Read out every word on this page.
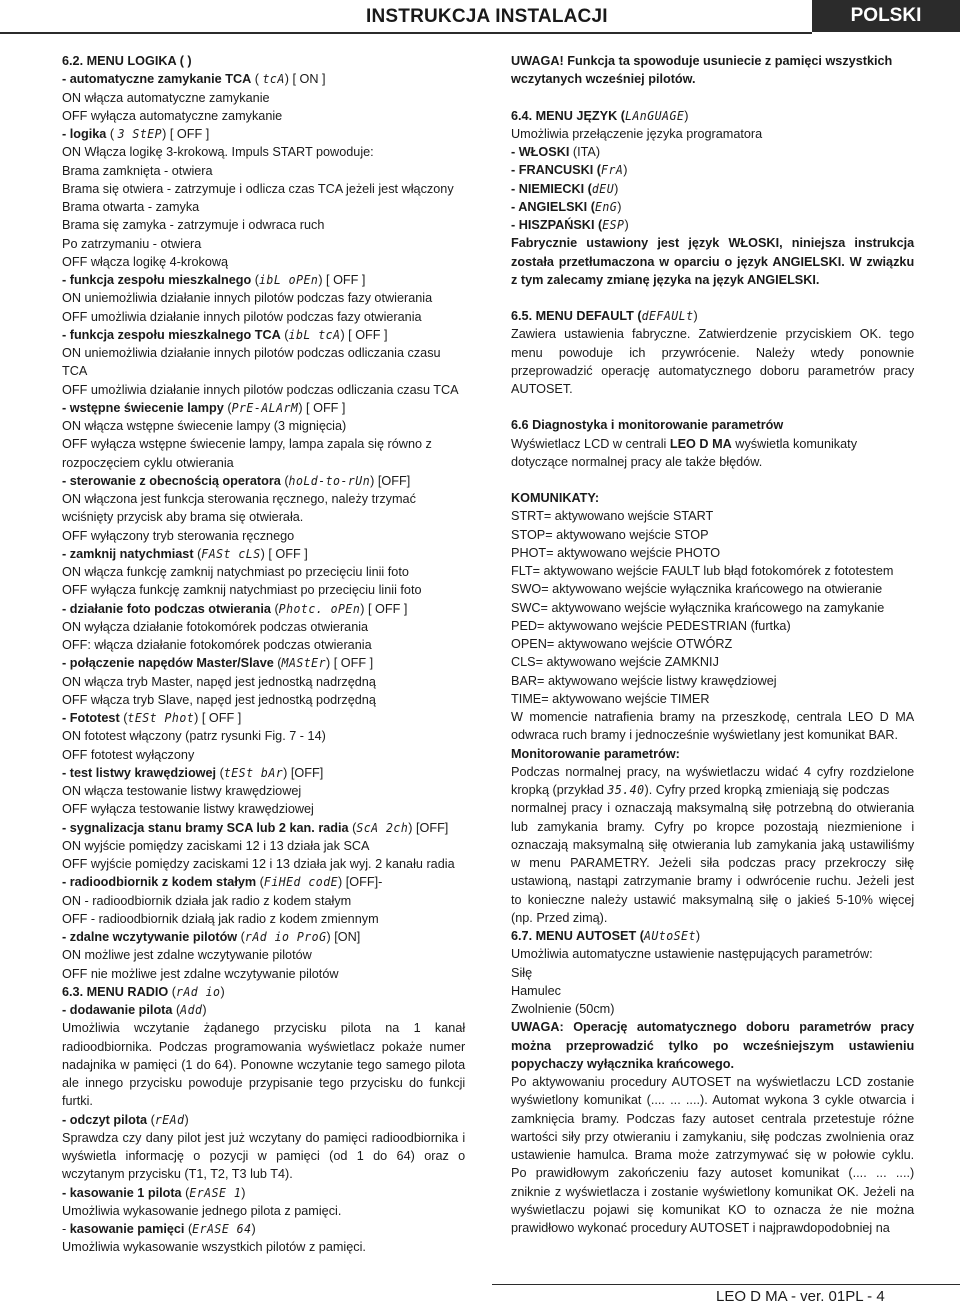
INSTRUKCJA INSTALACJI	POLSKI
6.2. MENU LOGIKA ( )
- automatyczne zamykanie TCA ( tcA) [ ON ]
ON włącza automatyczne zamykanie
OFF wyłącza automatyczne zamykanie
- logika ( 3 StEP) [ OFF ]
ON Włącza logikę 3-krokową. Impuls START powoduje:
Brama zamknięta - otwiera
Brama się otwiera - zatrzymuje i odlicza czas TCA jeżeli jest włączony
Brama otwarta - zamyka
Brama się zamyka - zatrzymuje i odwraca ruch
Po zatrzymaniu - otwiera
OFF włącza logikę 4-krokową
- funkcja zespołu mieszkalnego (ibL oPEn) [ OFF ]
ON uniemożliwia działanie innych pilotów podczas fazy otwierania
OFF umożliwia działanie innych pilotów podczas fazy otwierania
- funkcja zespołu mieszkalnego TCA (ibL tcA) [ OFF ]
ON uniemożliwia działanie innych pilotów podczas odliczania czasu
TCA
OFF umożliwia działanie innych pilotów podczas odliczania czasu TCA
- wstępne świecenie lampy (PrE-ALArM) [ OFF ]
ON włącza wstępne świecenie lampy (3 mignięcia)
OFF wyłącza wstępne świecenie lampy, lampa zapala się równo z
rozpoczęciem cyklu otwierania
- sterowanie z obecnością operatora (hoLd-to-rUn) [OFF]
ON włączona jest funkcja sterowania ręcznego, należy trzymać
wciśnięty przycisk aby brama się otwierała.
OFF wyłączony tryb sterowania ręcznego
- zamknij natychmiast (FASt cLS) [ OFF ]
ON włącza funkcję zamknij natychmiast po przecięciu linii foto
OFF wyłącza funkcję zamknij natychmiast po przecięciu linii foto
- działanie foto podczas otwierania (Photc. oPEn) [ OFF ]
ON wyłącza działanie fotokomórek podczas otwierania
OFF: włącza działanie fotokomórek podczas otwierania
- połączenie napędów Master/Slave (MAStEr) [ OFF ]
ON włącza tryb Master, napęd jest jednostką nadrzędną
OFF włącza tryb Slave, napęd jest jednostką podrzędną
- Fototest (tESt Phot) [ OFF ]
ON fototest włączony (patrz rysunki Fig. 7 - 14)
OFF fototest wyłączony
- test listwy krawędziowej (tESt bAr) [OFF]
ON włącza testowanie listwy krawędziowej
OFF wyłącza testowanie listwy krawędziowej
- sygnalizacja stanu bramy SCA lub 2 kan. radia (ScA 2ch) [OFF]
ON wyjście pomiędzy zaciskami 12 i 13 działa jak SCA
OFF wyjście pomiędzy zaciskami 12 i 13 działa jak wyj. 2 kanału radia
- radioodbiornik z kodem stałym (FiHEd codE) [OFF]-
ON - radioodbiornik działa jak radio z kodem stałym
OFF - radioodbiornik działą jak radio z kodem zmiennym
- zdalne wczytywanie pilotów (rAd io ProG) [ON]
ON możliwe jest zdalne wczytywanie pilotów
OFF nie możliwe jest zdalne wczytywanie pilotów
6.3. MENU RADIO (rAd io)
- dodawanie pilota (Add)
Umożliwia wczytanie żądanego przycisku pilota na 1 kanał
radioodbiornika. Podczas programowania wyświetlacz pokaże numer
nadajnika w pamięci (1 do 64). Ponowne wczytanie tego samego pilota
ale innego przycisku powoduje przypisanie tego przycisku do funkcji
furtki.
- odczyt pilota (rEAd)
Sprawdza czy dany pilot jest już wczytany do pamięci radioodbiornika i
wyświetla informację o pozycji w pamięci (od 1 do 64) oraz o
wczytanym przycisku (T1, T2, T3 lub T4).
- kasowanie 1 pilota (ErASE 1)
Umożliwia wykasowanie jednego pilota z pamięci.
- kasowanie pamięci (ErASE 64)
Umożliwia wykasowanie wszystkich pilotów z pamięci.
UWAGA! Funkcja ta spowoduje usuniecie z pamięci wszystkich
wczytanych wcześniej pilotów.
6.4. MENU JĘZYK (LAnGUAGE)
Umożliwia przełączenie języka programatora
- WŁOSKI (ITA)
- FRANCUSKI (FrA)
- NIEMIECKI (dEU)
- ANGIELSKI (EnG)
- HISZPAŃSKI (ESP)
Fabrycznie ustawiony jest język WŁOSKI, niniejsza instrukcja
została przetłumaczona w oparciu o język ANGIELSKI. W związku
z tym zalecamy zmianę języka na język ANGIELSKI.
6.5. MENU DEFAULT (dEFAULt)
Zawiera ustawienia fabryczne. Zatwierdzenie przyciskiem OK. tego
menu powoduje ich przywrócenie. Należy wtedy ponownie
przeprowadzić operację automatycznego doboru parametrów pracy
AUTOSET.
6.6 Diagnostyka i monitorowanie parametrów
Wyświetlacz LCD w centrali LEO D MA wyświetla komunikaty
dotyczące normalnej pracy ale także błędów.
KOMUNIKATY:
STRT= aktywowano wejście START
STOP= aktywowano wejście STOP
PHOT= aktywowano wejście PHOTO
FLT= aktywowano wejście FAULT lub błąd fotokomórek z fototestem
SWO= aktywowano wejście wyłącznika krańcowego na otwieranie
SWC= aktywowano wejście wyłącznika krańcowego na zamykanie
PED= aktywowano wejście PEDESTRIAN (furtka)
OPEN= aktywowano wejście OTWÓRZ
CLS= aktywowano wejście ZAMKNIJ
BAR= aktywowano wejście listwy krawędziowej
TIME= aktywowano wejście TIMER
W momencie natrafienia bramy na przeszkodę, centrala LEO D MA
odwraca ruch bramy i jednocześnie wyświetlany jest komunikat BAR.
Monitorowanie parametrów:
Podczas normalnej pracy, na wyświetlaczu widać 4 cyfry rozdzielone
kropką (przykład 35.40). Cyfry przed kropką zmieniają się podczas
normalnej pracy i oznaczają maksymalną siłę potrzebną do otwierania
lub zamykania bramy. Cyfry po kropce pozostają niezmienione i
oznaczają maksymalną siłę otwierania lub zamykania jaką ustawiliśmy
w menu PARAMETRY. Jeżeli siła podczas pracy przekroczy siłę
ustawioną, nastąpi zatrzymanie bramy i odwrócenie ruchu. Jeżeli jest
to konieczne należy ustawić maksymalną siłę o jakieś 5-10% więcej
(np. Przed zimą).
6.7. MENU AUTOSET (AUtoSEt)
Umożliwia automatyczne ustawienie następujących parametrów:
Siłę
Hamulec
Zwolnienie (50cm)
UWAGA: Operację automatycznego doboru parametrów pracy
można przeprowadzić tylko po wcześniejszym ustawieniu
popychaczy wyłącznika krańcowego.
Po aktywowaniu procedury AUTOSET na wyświetlaczu LCD zostanie
wyświetlony komunikat (.... ... ....). Automat wykona 3 cykle otwarcia i
zamknięcia bramy. Podczas fazy autoset centrala przetestuje różne
wartości siły przy otwieraniu i zamykaniu, siłę podczas zwolnienia oraz
ustawienie hamulca. Brama może zatrzymywać się w połowie cyklu.
Po prawidłowym zakończeniu fazy autoset komunikat (.... ... ....)
zniknie z wyświetlacza i zostanie wyświetlony komunikat OK. Jeżeli na
wyświetlaczu pojawi się komunikat KO to oznacza że nie można
prawidłowo wykonać procedury AUTOSET i najprawdopodobniej na
LEO D MA - ver. 01PL - 4
